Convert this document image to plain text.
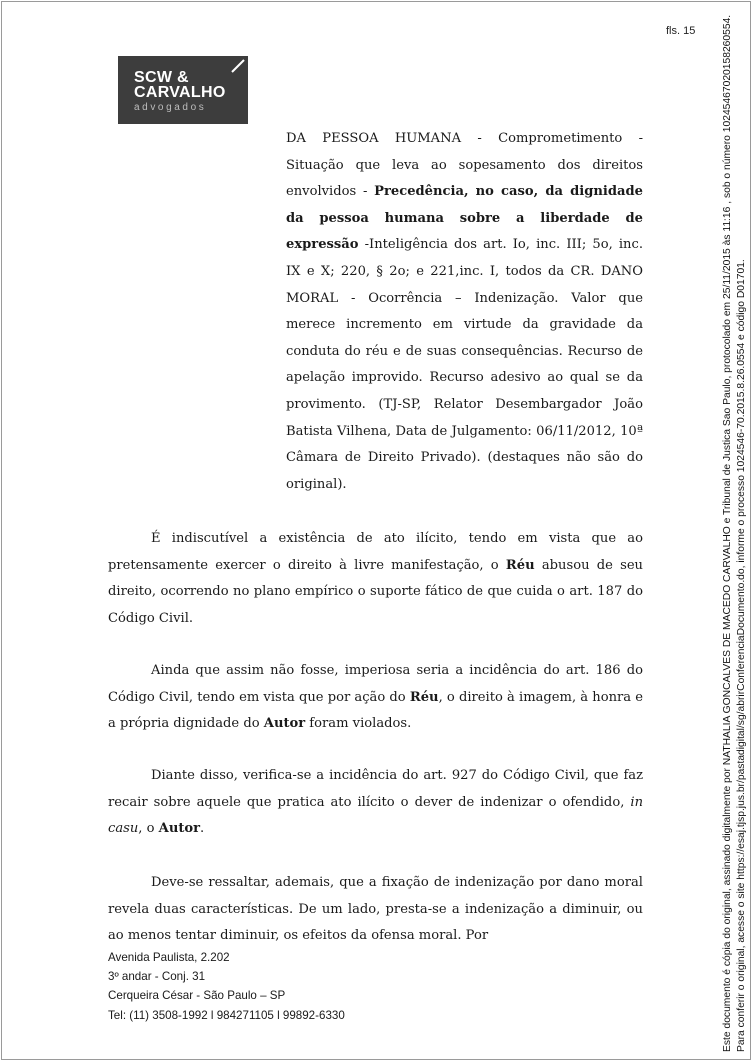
fls. 15
SCW &
CARVALHO
advogados
DA PESSOA HUMANA - Comprometimento - Situação que leva ao sopesamento dos direitos envolvidos - Precedência, no caso, da dignidade da pessoa humana sobre a liberdade de expressão -Inteligência dos art. Io, inc. III; 5o, inc. IX e X; 220, § 2o; e 221,inc. I, todos da CR. DANO MORAL - Ocorrência – Indenização. Valor que merece incremento em virtude da gravidade da conduta do réu e de suas consequências. Recurso de apelação improvido. Recurso adesivo ao qual se da provimento. (TJ-SP, Relator Desembargador João Batista Vilhena, Data de Julgamento: 06/11/2012, 10ª Câmara de Direito Privado). (destaques não são do original).
É indiscutível a existência de ato ilícito, tendo em vista que ao pretensamente exercer o direito à livre manifestação, o Réu abusou de seu direito, ocorrendo no plano empírico o suporte fático de que cuida o art. 187 do Código Civil.
Ainda que assim não fosse, imperiosa seria a incidência do art. 186 do Código Civil, tendo em vista que por ação do Réu, o direito à imagem, à honra e a própria dignidade do Autor foram violados.
Diante disso, verifica-se a incidência do art. 927 do Código Civil, que faz recair sobre aquele que pratica ato ilícito o dever de indenizar o ofendido, in casu, o Autor.
Deve-se ressaltar, ademais, que a fixação de indenização por dano moral revela duas características. De um lado, presta-se a indenização a diminuir, ou ao menos tentar diminuir, os efeitos da ofensa moral. Por
Avenida Paulista, 2.202
3º andar - Conj. 31
Cerqueira César - São Paulo – SP
Tel: (11) 3508-1992 l 984271105 l 99892-6330	Este documento é cópia do original, assinado digitalmente por NATHALIA GONCALVES DE MACEDO CARVALHO e Tribunal de Justica Sao Paulo, protocolado em 25/11/2015 às 11:16 , sob o número 10245467020158260554. Para conferir o original, acesse o site https://esaj.tjsp.jus.br/pastadigital/sg/abrirConferenciaDocumento.do, informe o processo 1024546-70.2015.8.26.0554 e código D01701.
